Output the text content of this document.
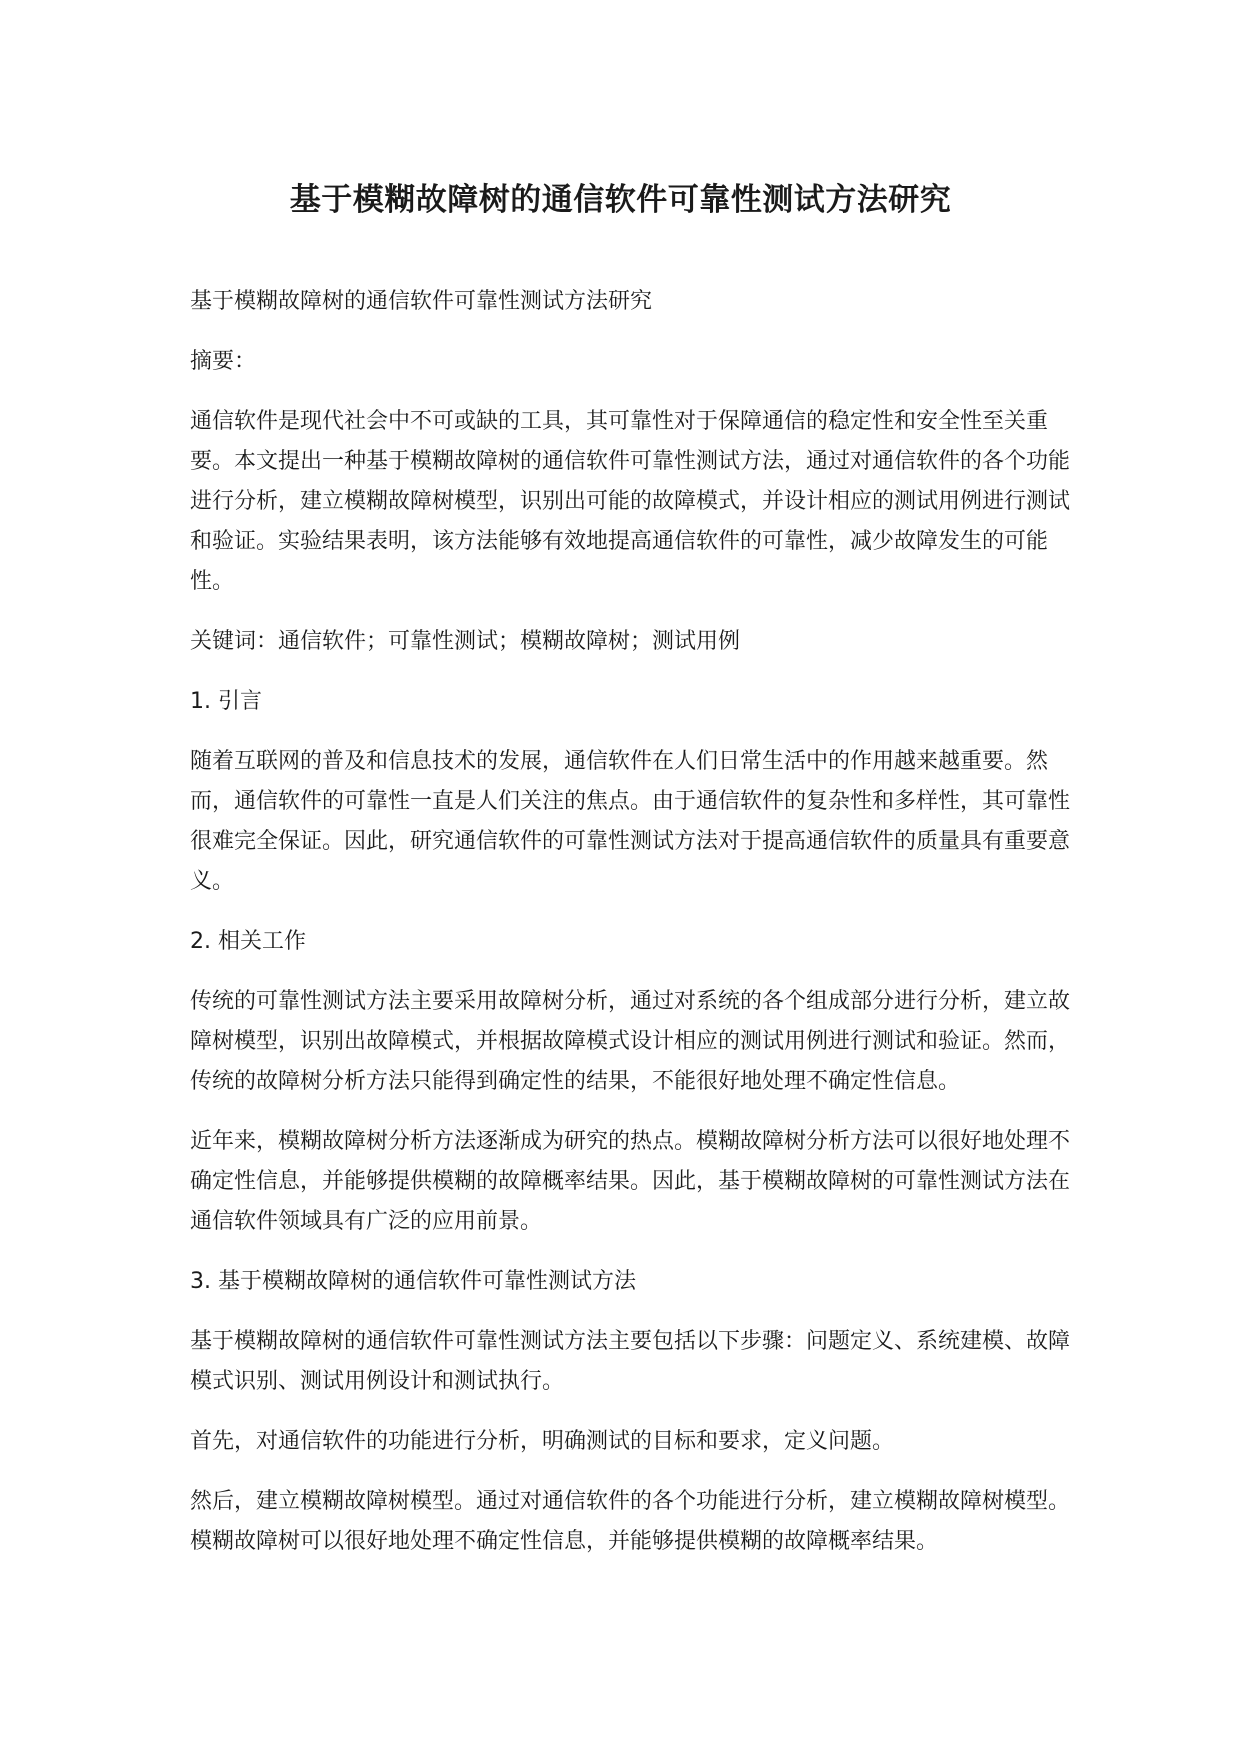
基于模糊故障树的通信软件可靠性测试方法研究

基于模糊故障树的通信软件可靠性测试方法研究

摘要：

通信软件是现代社会中不可或缺的工具，其可靠性对于保障通信的稳定性和安全性至关重要。本文提出一种基于模糊故障树的通信软件可靠性测试方法，通过对通信软件的各个功能进行分析，建立模糊故障树模型，识别出可能的故障模式，并设计相应的测试用例进行测试和验证。实验结果表明，该方法能够有效地提高通信软件的可靠性，减少故障发生的可能性。

关键词：通信软件；可靠性测试；模糊故障树；测试用例

1. 引言

随着互联网的普及和信息技术的发展，通信软件在人们日常生活中的作用越来越重要。然而，通信软件的可靠性一直是人们关注的焦点。由于通信软件的复杂性和多样性，其可靠性很难完全保证。因此，研究通信软件的可靠性测试方法对于提高通信软件的质量具有重要意义。

2. 相关工作

传统的可靠性测试方法主要采用故障树分析，通过对系统的各个组成部分进行分析，建立故障树模型，识别出故障模式，并根据故障模式设计相应的测试用例进行测试和验证。然而，传统的故障树分析方法只能得到确定性的结果，不能很好地处理不确定性信息。

近年来，模糊故障树分析方法逐渐成为研究的热点。模糊故障树分析方法可以很好地处理不确定性信息，并能够提供模糊的故障概率结果。因此，基于模糊故障树的可靠性测试方法在通信软件领域具有广泛的应用前景。

3. 基于模糊故障树的通信软件可靠性测试方法

基于模糊故障树的通信软件可靠性测试方法主要包括以下步骤：问题定义、系统建模、故障模式识别、测试用例设计和测试执行。

首先，对通信软件的功能进行分析，明确测试的目标和要求，定义问题。

然后，建立模糊故障树模型。通过对通信软件的各个功能进行分析，建立模糊故障树模型。模糊故障树可以很好地处理不确定性信息，并能够提供模糊的故障概率结果。
